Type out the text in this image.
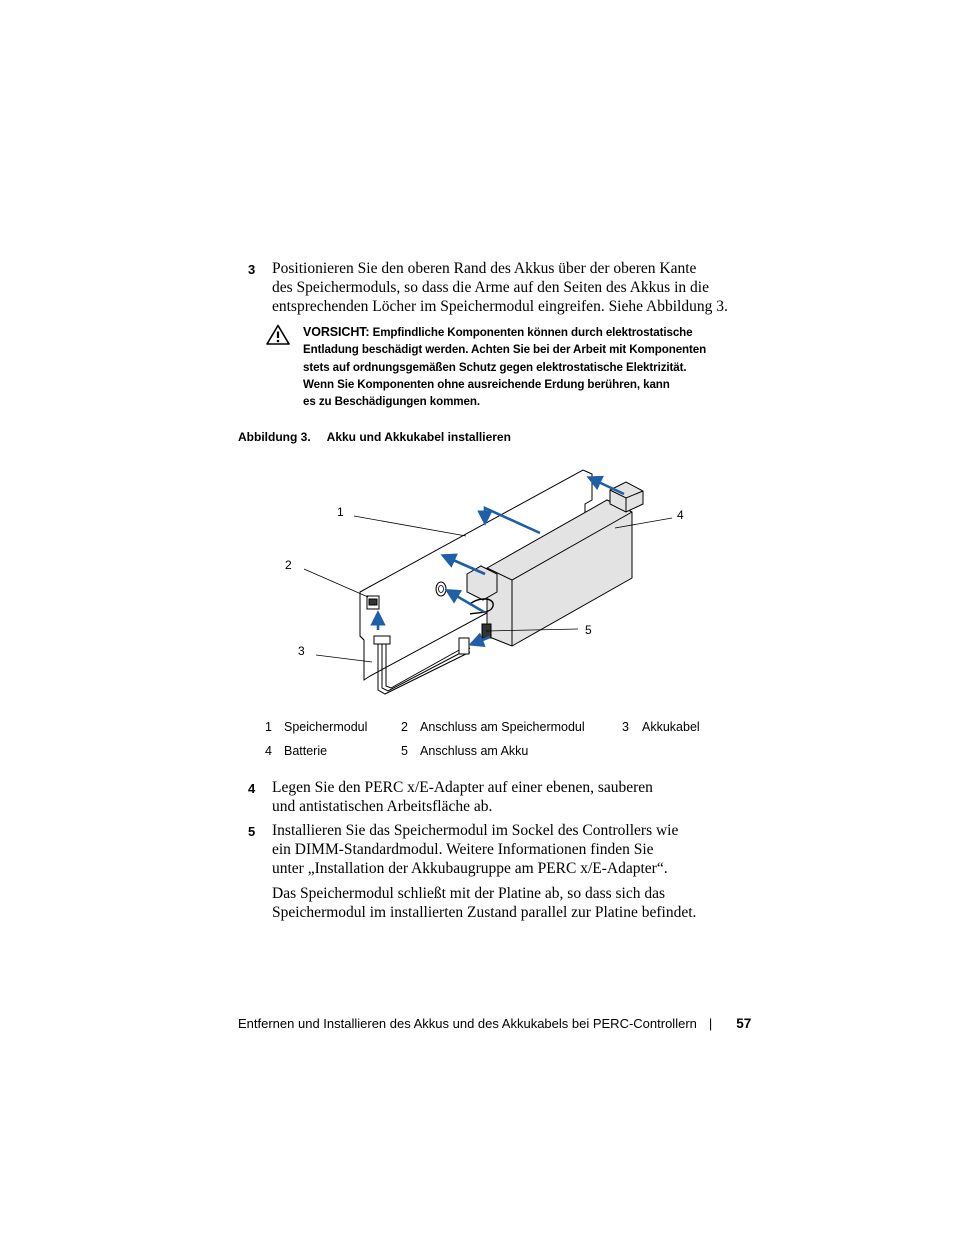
3 Positionieren Sie den oberen Rand des Akkus über der oberen Kante
des Speichermoduls, so dass die Arme auf den Seiten des Akkus in die
entsprechenden Löcher im Speichermodul eingreifen. Siehe Abbildung 3.
VORSICHT: Empfindliche Komponenten können durch elektrostatische
Entladung beschädigt werden. Achten Sie bei der Arbeit mit Komponenten
stets auf ordnungsgemäßen Schutz gegen elektrostatische Elektrizität.
Wenn Sie Komponenten ohne ausreichende Erdung berühren, kann
es zu Beschädigungen kommen.
Abbildung 3. Akku und Akkukabel installieren
1
2
3
4
5
1 Speichermodul	2 Anschluss am Speichermodul	3 Akkukabel
4 Batterie	5 Anschluss am Akku
4 Legen Sie den PERC x/E-Adapter auf einer ebenen, sauberen
und antistatischen Arbeitsfläche ab.
5 Installieren Sie das Speichermodul im Sockel des Controllers wie
ein DIMM-Standardmodul. Weitere Informationen finden Sie
unter „Installation der Akkubaugruppe am PERC x/E-Adapter“.
Das Speichermodul schließt mit der Platine ab, so dass sich das
Speichermodul im installierten Zustand parallel zur Platine befindet.
Entfernen und Installieren des Akkus und des Akkukabels bei PERC-Controllern | 57
